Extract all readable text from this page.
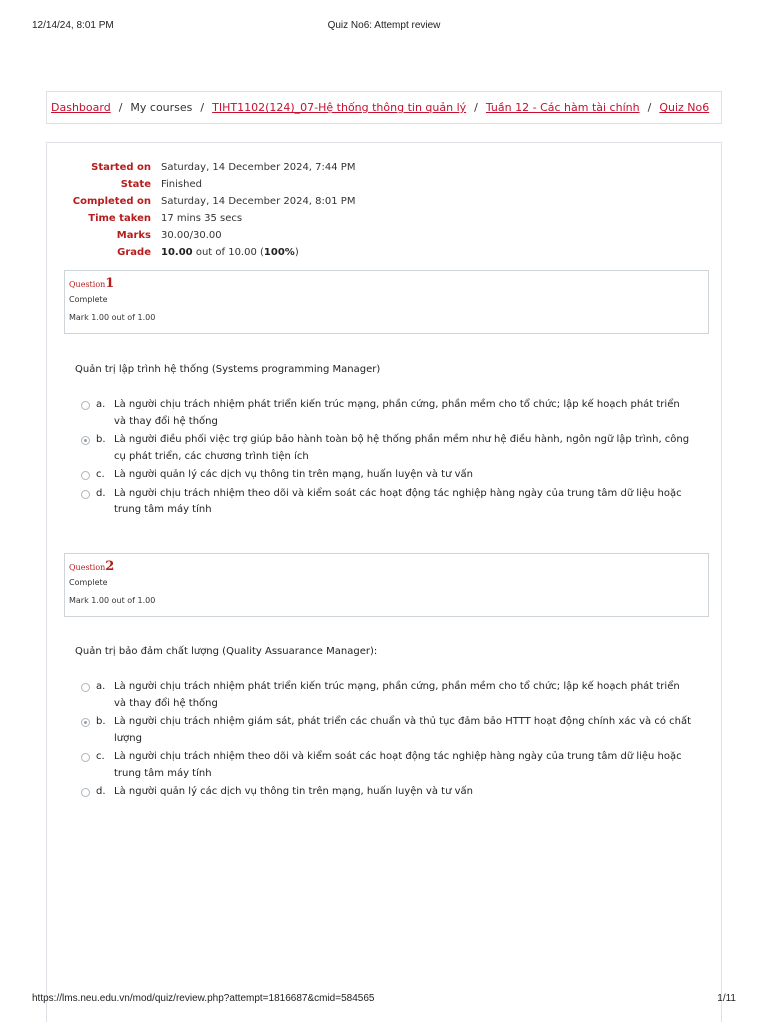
12/14/24, 8:01 PM	Quiz No6: Attempt review
Dashboard / My courses / TIHT1102(124)_07-Hệ thống thông tin quản lý / Tuần 12 - Các hàm tài chính / Quiz No6
Started on	Saturday, 14 December 2024, 7:44 PM
State	Finished
Completed on	Saturday, 14 December 2024, 8:01 PM
Time taken	17 mins 35 secs
Marks	30.00/30.00
Grade	10.00 out of 10.00 (100%)
Question1
Complete
Mark 1.00 out of 1.00
Quản trị lập trình hệ thống (Systems programming Manager)
a. Là người chịu trách nhiệm phát triển kiến trúc mạng, phần cứng, phần mềm cho tổ chức; lập kế hoạch phát triển và thay đổi hệ thống
b. Là người điều phối việc trợ giúp bảo hành toàn bộ hệ thống phần mềm như hệ điều hành, ngôn ngữ lập trình, công cụ phát triển, các chương trình tiện ích
c. Là người quản lý các dịch vụ thông tin trên mạng, huấn luyện và tư vấn
d. Là người chịu trách nhiệm theo dõi và kiểm soát các hoạt động tác nghiệp hàng ngày của trung tâm dữ liệu hoặc trung tâm máy tính
Question2
Complete
Mark 1.00 out of 1.00
Quản trị bảo đảm chất lượng (Quality Assuarance Manager):
a. Là người chịu trách nhiệm phát triển kiến trúc mạng, phần cứng, phần mềm cho tổ chức; lập kế hoạch phát triển và thay đổi hệ thống
b. Là người chịu trách nhiệm giám sát, phát triển các chuẩn và thủ tục đảm bảo HTTT hoạt động chính xác và có chất lượng
c. Là người chịu trách nhiệm theo dõi và kiểm soát các hoạt động tác nghiệp hàng ngày của trung tâm dữ liệu hoặc trung tâm máy tính
d. Là người quản lý các dịch vụ thông tin trên mạng, huấn luyện và tư vấn
https://lms.neu.edu.vn/mod/quiz/review.php?attempt=1816687&cmid=584565	1/11
